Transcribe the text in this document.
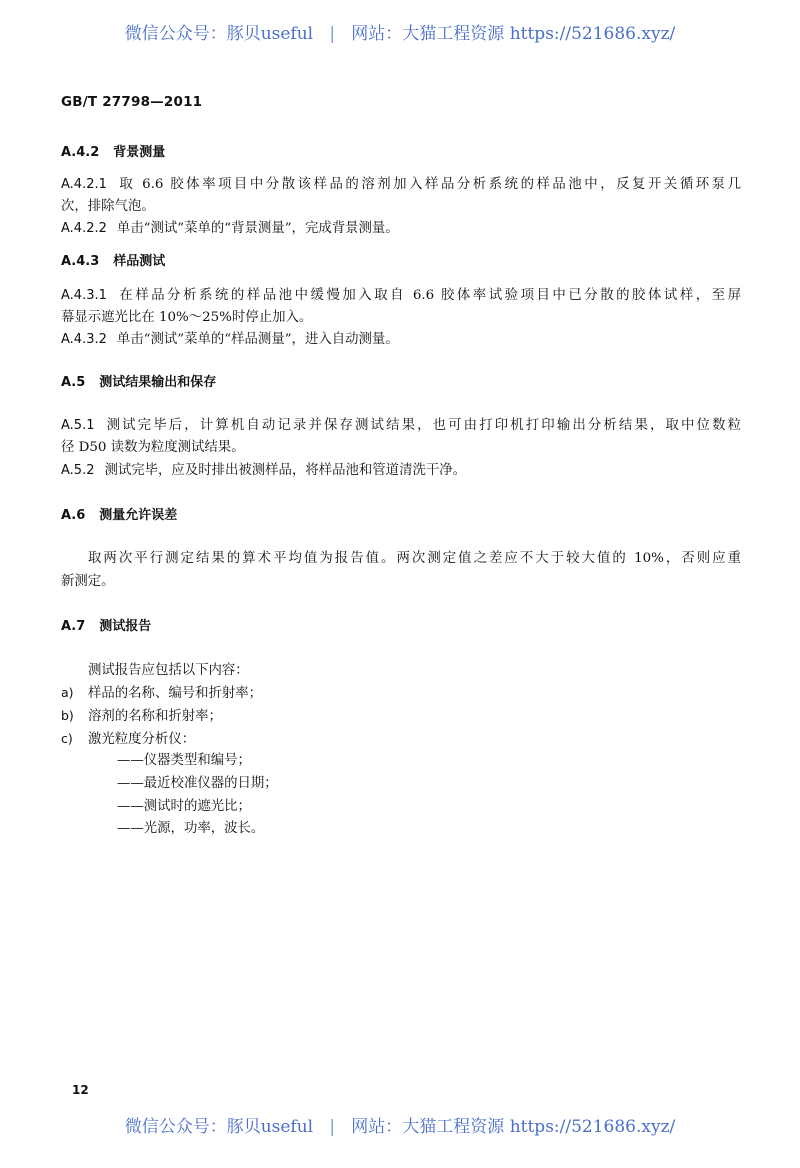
微信公众号：豚贝useful | 网站：大猫工程资源 https://521686.xyz/
GB/T 27798—2011
A.4.2 背景测量
A.4.2.1 取 6.6 胶体率项目中分散该样品的溶剂加入样品分析系统的样品池中，反复开关循环泵几
次，排除气泡。
A.4.2.2 单击“测试”菜单的“背景测量”，完成背景测量。
A.4.3 样品测试
A.4.3.1 在样品分析系统的样品池中缓慢加入取自 6.6 胶体率试验项目中已分散的胶体试样，至屏
幕显示遮光比在 10%～25%时停止加入。
A.4.3.2 单击“测试”菜单的“样品测量”，进入自动测量。
A.5 测试结果输出和保存
A.5.1 测试完毕后，计算机自动记录并保存测试结果，也可由打印机打印输出分析结果，取中位数粒
径 D50 读数为粒度测试结果。
A.5.2 测试完毕，应及时排出被测样品，将样品池和管道清洗干净。
A.6 测量允许误差
取两次平行测定结果的算术平均值为报告值。两次测定值之差应不大于较大值的 10%，否则应重
新测定。
A.7 测试报告
测试报告应包括以下内容：
a) 样品的名称、编号和折射率；
b) 溶剂的名称和折射率；
c) 激光粒度分析仪：
——仪器类型和编号；
——最近校准仪器的日期；
——测试时的遮光比；
——光源，功率，波长。
12
微信公众号：豚贝useful | 网站：大猫工程资源 https://521686.xyz/
